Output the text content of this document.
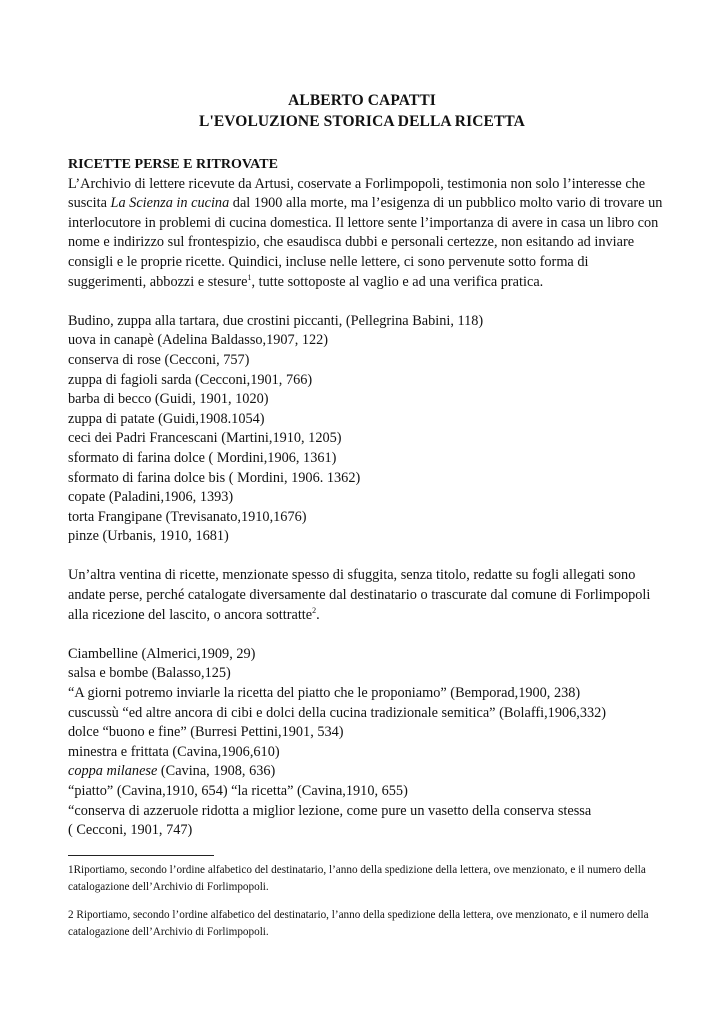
ALBERTO CAPATTI
L'EVOLUZIONE STORICA DELLA RICETTA
RICETTE PERSE E RITROVATE

L’Archivio di lettere ricevute da Artusi, coservate a Forlimpopoli, testimonia non solo l’interesse che suscita La Scienza in cucina dal 1900 alla morte, ma l’esigenza di un pubblico molto vario di trovare un interlocutore in problemi di cucina domestica. Il lettore sente l’importanza di avere in casa un libro con nome e indirizzo sul frontespizio, che esaudisca dubbi e personali certezze, non esitando ad inviare consigli e le proprie ricette. Quindici, incluse nelle lettere, ci sono pervenute sotto forma di suggerimenti, abbozzi e stesure$^1$, tutte sottoposte al vaglio e ad una verifica pratica.

Budino, zuppa alla tartara, due crostini piccanti, (Pellegrina Babini, 118)

uova in canapè (Adelina Baldasso,1907, 122)

conserva di rose (Cecconi, 757)

zuppa di fagioli sarda (Cecconi,1901, 766)

barba di becco (Guidi, 1901, 1020)

zuppa di patate (Guidi,1908.1054)

ceci dei Padri Francescani (Martini,1910, 1205)

sformato di farina dolce ( Mordini,1906, 1361)

sformato di farina dolce bis ( Mordini, 1906. 1362)

copate (Paladini,1906, 1393)

torta Frangipane (Trevisanato,1910,1676)

pinze (Urbanis, 1910, 1681)

Un’altra ventina di ricette, menzionate spesso di sfuggita, senza titolo, redatte su fogli allegati sono andate perse, perché catalogate diversamente dal destinatario o trascurate dal comune di Forlimpopoli alla ricezione del lascito, o ancora sottratte$^2$.

Ciambelline (Almerici,1909, 29)

salsa e bombe (Balasso,125)

“A giorni potremo inviarle la ricetta del piatto che le proponiamo” (Bemporad,1900, 238)

cuscussù “ed altre ancora di cibi e dolci della cucina tradizionale semitica” (Bolaffi,1906,332)

dolce “buono e fine” (Burresi Pettini,1901, 534)

minestra e frittata (Cavina,1906,610)

coppa milanese (Cavina, 1908, 636)

“piatto” (Cavina,1910, 654) “la ricetta” (Cavina,1910, 655)

“conserva di azzeruole ridotta a miglior lezione, come pure un vasetto della conserva stessa

( Cecconi, 1901, 747)

1Riportiamo, secondo l’ordine alfabetico del destinatario, l’anno della spedizione della lettera, ove menzionato, e il numero della catalogazione dell’Archivio di Forlimpopoli.

2 Riportiamo, secondo l’ordine alfabetico del destinatario, l’anno della spedizione della lettera, ove menzionato, e il numero della catalogazione dell’Archivio di Forlimpopoli.
